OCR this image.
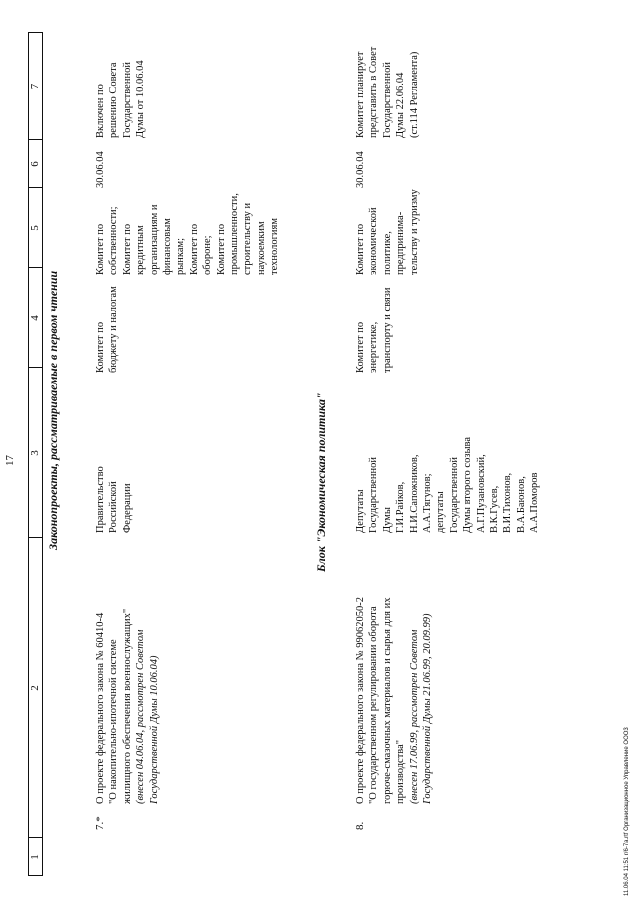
1
2
3
4
5
6
7
17	Законопроекты, рассматриваемые в первом чтении
7.*
О проекте федерального закона № 60410-4 "О накопительно-ипотечной системе жилищного обеспечения военнослужащих" (внесен 04.06.04, рассмотрен Советом Государственной Думы 10.06.04)
Правительство Российской Федерации
Комитет по бюджету и налогам
Комитет по собственности; Комитет по кредитным организациям и финансовым рынкам; Комитет по обороне; Комитет по промышленности, строительству и наукоемким технологиям
30.06.04
Включен по решению Совета Государственной Думы от 10.06.04
Блок "Экономическая политика"
8.
О проекте федерального закона № 99062050-2 "О государственном регулировании оборота горюче-смазочных материалов и сырья для их производства" (внесен 17.06.99, рассмотрен Советом Государственной Думы 21.06.99, 20.09.99)
Депутаты Государственной Думы Г.И.Райков, Н.И.Сапожников, А.А.Тягунов; депутаты Государственной Думы второго созыва А.Г.Пузановский, В.К.Гусев, В.И.Тихонов, В.А.Баюнов, А.А.Поморов
Комитет по энергетике, транспорту и связи
Комитет по экономической политике, предпринима- тельству и туризму
30.06.04
Комитет планирует представить в Совет Государственной Думы 22.06.04 (ст.114 Регламента)
11.06.04 11:51 r/6-7a.rtf Организационное Управление ООО3
